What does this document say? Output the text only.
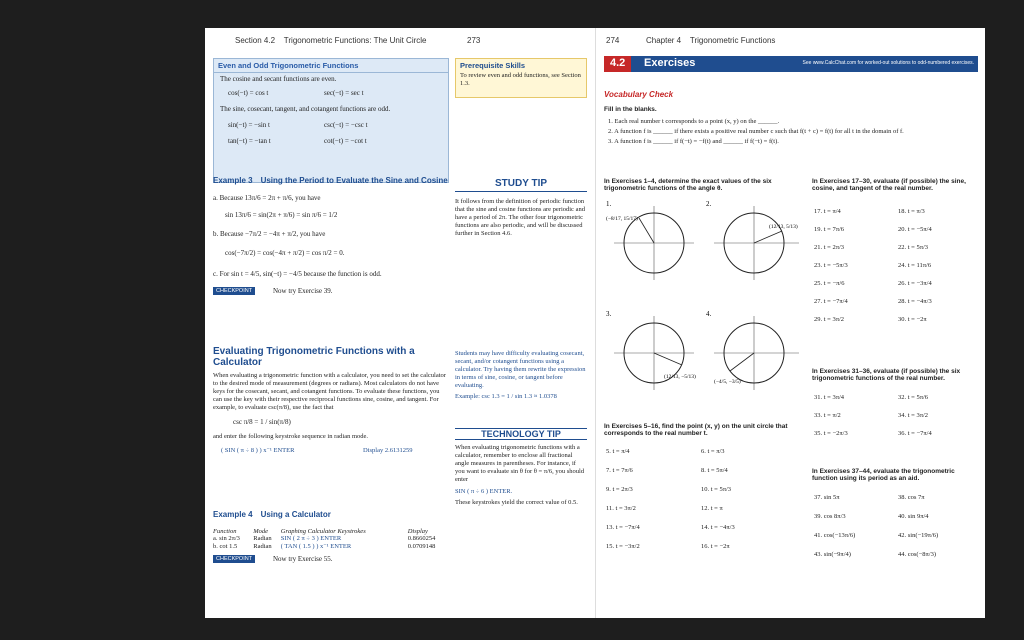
Section 4.2 Trigonometric Functions: The Unit Circle	273
Even and Odd Trigonometric Functions
The cosine and secant functions are even.
cos(−t) = cos t	sec(−t) = sec t
The sine, cosecant, tangent, and cotangent functions are odd.
sin(−t) = −sin t	csc(−t) = −csc t
tan(−t) = −tan t	cot(−t) = −cot t
Prerequisite Skills
To review even and odd functions, see Section 1.3.
Example 3 Using the Period to Evaluate the Sine and Cosine
a. Because 13π/6 = 2π + π/6, you have
sin 13π/6 = sin(2π + π/6) = sin π/6 = 1/2
b. Because −7π/2 = −4π + π/2, you have
cos(−7π/2) = cos(−4π + π/2) = cos π/2 = 0.
c. For sin t = 4/5, sin(−t) = −4/5 because the function is odd.
CHECKPOINT	Now try Exercise 39.
STUDY TIP
It follows from the definition of periodic function that the sine and cosine functions are periodic and have a period of 2π. The other four trigonometric functions are also periodic, and will be discussed further in Section 4.6.
Evaluating Trigonometric Functions with a Calculator
When evaluating a trigonometric function with a calculator, you need to set the calculator to the desired mode of measurement (degrees or radians). Most calculators do not have keys for the cosecant, secant, and cotangent functions. To evaluate these functions, you can use the key with their respective reciprocal functions sine, cosine, and tangent. For example, to evaluate csc(π/8), use the fact that
csc π/8 = 1 / sin(π/8)
and enter the following keystroke sequence in radian mode.
( SIN ( π ÷ 8 ) ) x⁻¹ ENTER	Display 2.6131259
Students may have difficulty evaluating cosecant, secant, and/or cotangent functions using a calculator. Try having them rewrite the expression in terms of sine, cosine, or tangent before evaluating.
Example: csc 1.3 = 1 / sin 1.3 ≈ 1.0378
Example 4 Using a Calculator
Function	Mode	Graphing Calculator Keystrokes	Display
a. sin 2π/3	Radian	SIN ( 2 π ÷ 3 ) ENTER	0.8660254
b. cot 1.5	Radian	( TAN ( 1.5 ) ) x⁻¹ ENTER	0.0709148
CHECKPOINT	Now try Exercise 55.
TECHNOLOGY TIP
When evaluating trigonometric functions with a calculator, remember to enclose all fractional angle measures in parentheses. For instance, if you want to evaluate sin θ for θ = π/6, you should enter
SIN ( π ÷ 6 ) ENTER.
These keystrokes yield the correct value of 0.5.
274	Chapter 4 Trigonometric Functions
4.2	Exercises	See www.CalcChat.com for worked-out solutions to odd-numbered exercises.
Vocabulary Check
Fill in the blanks.
1. Each real number t corresponds to a point (x, y) on the ______.
2. A function f is ______ if there exists a positive real number c such that f(t + c) = f(t) for all t in the domain of f.
3. A function f is ______ if f(−t) = −f(t) and ______ if f(−t) = f(t).
In Exercises 1–4, determine the exact values of the six trigonometric functions of the angle θ.
1.	2.
3.	4.
(−8/17, 15/17)
(12/13, 5/13)
(12/13, −5/13)
(−4/5, −3/5)
In Exercises 5–16, find the point (x, y) on the unit circle that corresponds to the real number t.
5. t = π/4	6. t = π/3
7. t = 7π/6	8. t = 5π/4
9. t = 2π/3	10. t = 5π/3
11. t = 3π/2	12. t = π
13. t = −7π/4	14. t = −4π/3
15. t = −3π/2	16. t = −2π
In Exercises 17–30, evaluate (if possible) the sine, cosine, and tangent of the real number.
17. t = π/4	18. t = π/3
19. t = 7π/6	20. t = −5π/4
21. t = 2π/3	22. t = 5π/3
23. t = −5π/3	24. t = 11π/6
25. t = −π/6	26. t = −3π/4
27. t = −7π/4	28. t = −4π/3
29. t = 3π/2	30. t = −2π
In Exercises 31–36, evaluate (if possible) the six trigonometric functions of the real number.
31. t = 3π/4	32. t = 5π/6
33. t = π/2	34. t = 3π/2
35. t = −2π/3	36. t = −7π/4
In Exercises 37–44, evaluate the trigonometric function using its period as an aid.
37. sin 5π	38. cos 7π
39. cos 8π/3	40. sin 9π/4
41. cos(−13π/6)	42. sin(−19π/6)
43. sin(−9π/4)	44. cos(−8π/3)
